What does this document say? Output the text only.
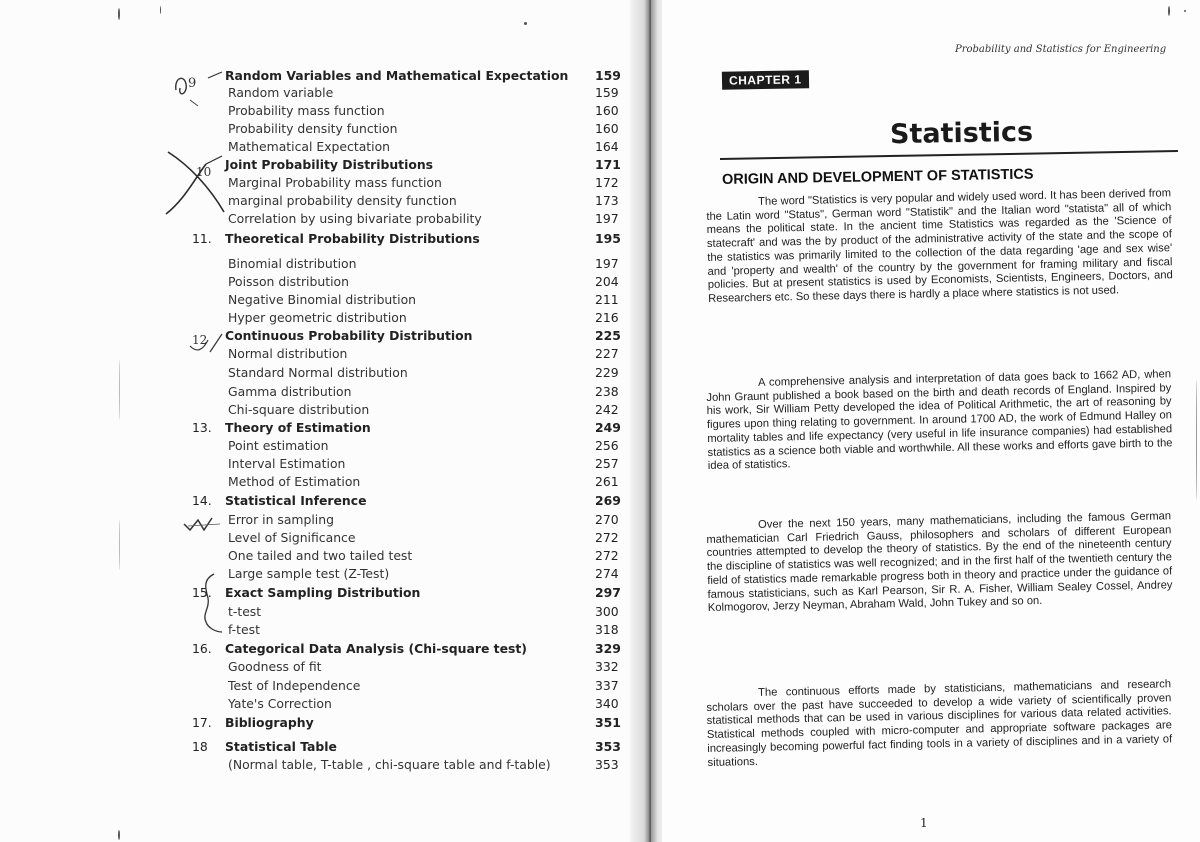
Random Variables and Mathematical Expectation 159
Random variable	159
Probability mass function	160
Probability density function	160
Mathematical Expectation	164
Joint Probability Distributions	171
Marginal Probability mass function	172
marginal probability density function	173
Correlation by using bivariate probability	197
11.	Theoretical Probability Distributions	195
Binomial distribution	197
Poisson distribution	204
Negative Binomial distribution	211
Hyper geometric distribution	216
Continuous Probability Distribution	225
Normal distribution	227
Standard Normal distribution	229
Gamma distribution	238
Chi-square distribution	242
13.	Theory of Estimation	249
Point estimation	256
Interval Estimation	257
Method of Estimation	261
14.	Statistical Inference	269
Error in sampling	270
Level of Significance	272
One tailed and two tailed test	272
Large sample test (Z-Test)	274
15.	Exact Sampling Distribution	297
t-test	300
f-test	318
16.	Categorical Data Analysis (Chi-square test)	329
Goodness of fit	332
Test of Independence	337
Yate's Correction	340
17.	Bibliography	351
18	Statistical Table	353
(Normal table, T-table , chi-square table and f-table)	353
9
10
12
Probability and Statistics for Engineering
CHAPTER 1
Statistics
ORIGIN AND DEVELOPMENT OF STATISTICS

The word "Statistics is very popular and widely used word. It has been derived from the Latin word "Status", German word "Statistik" and the Italian word "statista" all of which means the political state. In the ancient time Statistics was regarded as the 'Science of statecraft' and was the by product of the administrative activity of the state and the scope of the statistics was primarily limited to the collection of the data regarding 'age and sex wise' and 'property and wealth' of the country by the government for framing military and fiscal policies. But at present statistics is used by Economists, Scientists, Engineers, Doctors, and Researchers etc. So these days there is hardly a place where statistics is not used.

A comprehensive analysis and interpretation of data goes back to 1662 AD, when John Graunt published a book based on the birth and death records of England. Inspired by his work, Sir William Petty developed the idea of Political Arithmetic, the art of reasoning by figures upon thing relating to government. In around 1700 AD, the work of Edmund Halley on mortality tables and life expectancy (very useful in life insurance companies) had established statistics as a science both viable and worthwhile. All these works and efforts gave birth to the idea of statistics.

Over the next 150 years, many mathematicians, including the famous German mathematician Carl Friedrich Gauss, philosophers and scholars of different European countries attempted to develop the theory of statistics. By the end of the nineteenth century the discipline of statistics was well recognized; and in the first half of the twentieth century the field of statistics made remarkable progress both in theory and practice under the guidance of famous statisticians, such as Karl Pearson, Sir R. A. Fisher, William Sealey Cossel, Andrey Kolmogorov, Jerzy Neyman, Abraham Wald, John Tukey and so on.

The continuous efforts made by statisticians, mathematicians and research scholars over the past have succeeded to develop a wide variety of scientifically proven statistical methods that can be used in various disciplines for various data related activities. Statistical methods coupled with micro-computer and appropriate software packages are increasingly becoming powerful fact finding tools in a variety of disciplines and in a variety of situations.

1
